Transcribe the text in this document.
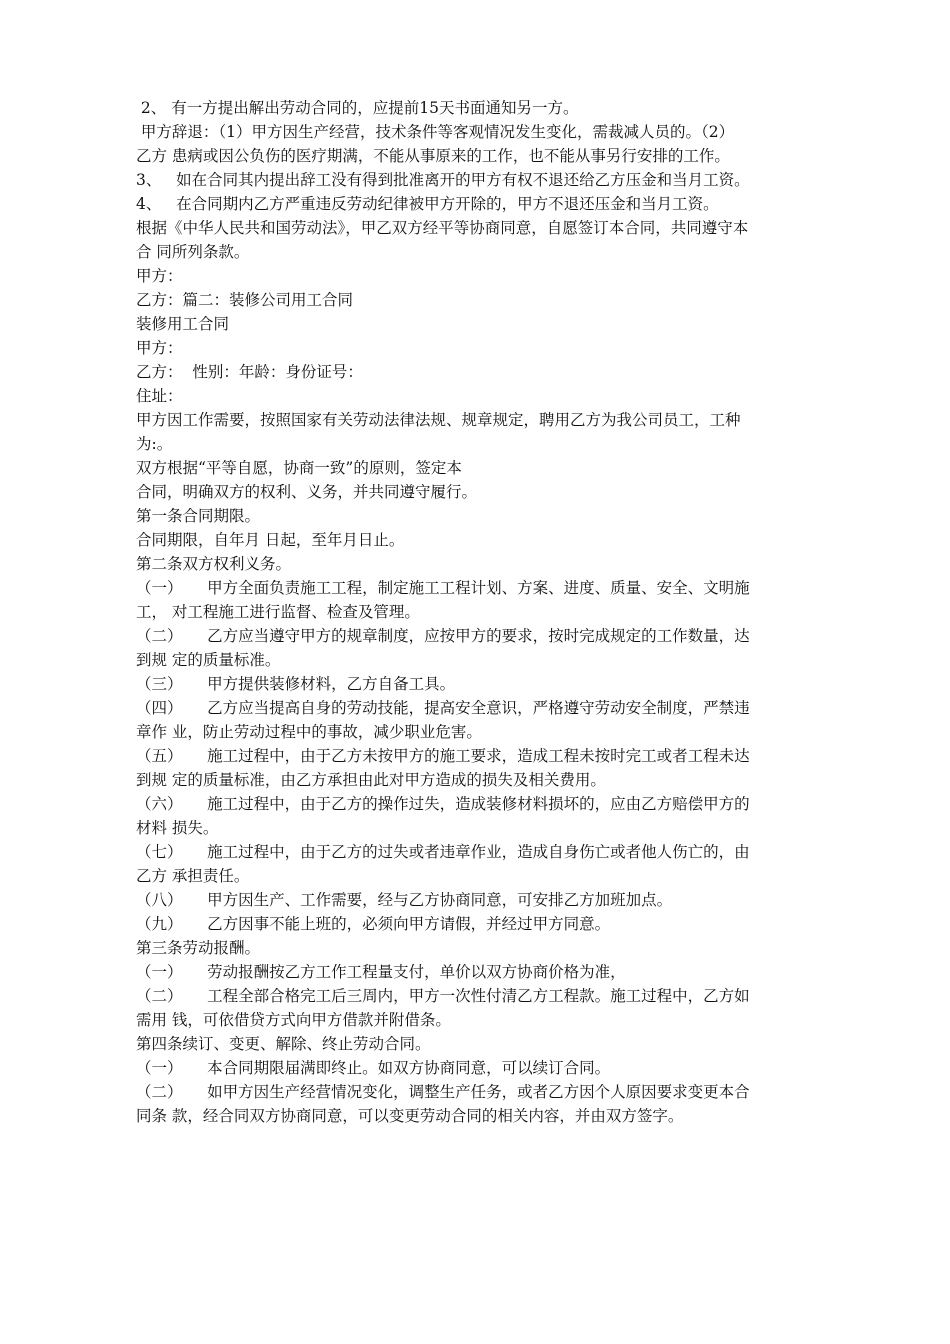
2、 有一方提出解出劳动合同的，应提前15天书面通知另一方。
甲方辞退：（1）甲方因生产经营，技术条件等客观情况发生变化，需裁减人员的。（2）
乙方 患病或因公负伤的医疗期满，不能从事原来的工作，也不能从事另行安排的工作。
3、   如在合同其内提出辞工没有得到批准离开的甲方有权不退还给乙方压金和当月工资。
4、   在合同期内乙方严重违反劳动纪律被甲方开除的，甲方不退还压金和当月工资。
根据《中华人民共和国劳动法》，甲乙双方经平等协商同意，自愿签订本合同，共同遵守本
合 同所列条款。
甲方：
乙方：篇二：装修公司用工合同
装修用工合同
甲方：
乙方：  性别：年龄：身份证号：
住址：
甲方因工作需要，按照国家有关劳动法律法规、规章规定，聘用乙方为我公司员工，工种
为:。
双方根据“平等自愿，协商一致”的原则，签定本
合同，明确双方的权利、义务，并共同遵守履行。
第一条合同期限。
合同期限，自年月 日起，至年月日止。
第二条双方权利义务。
（一）     甲方全面负责施工工程，制定施工工程计划、方案、进度、质量、安全、文明施
工， 对工程施工进行监督、检查及管理。
（二）     乙方应当遵守甲方的规章制度，应按甲方的要求，按时完成规定的工作数量，达
到规 定的质量标准。
（三）     甲方提供装修材料，乙方自备工具。
（四）     乙方应当提高自身的劳动技能，提高安全意识，严格遵守劳动安全制度，严禁违
章作 业，防止劳动过程中的事故，减少职业危害。
（五）     施工过程中，由于乙方未按甲方的施工要求，造成工程未按时完工或者工程未达
到规 定的质量标准，由乙方承担由此对甲方造成的损失及相关费用。
（六）     施工过程中，由于乙方的操作过失，造成装修材料损坏的，应由乙方赔偿甲方的
材料 损失。
（七）     施工过程中，由于乙方的过失或者违章作业，造成自身伤亡或者他人伤亡的，由
乙方 承担责任。
（八）     甲方因生产、工作需要，经与乙方协商同意，可安排乙方加班加点。
（九）     乙方因事不能上班的，必须向甲方请假，并经过甲方同意。
第三条劳动报酬。
（一）     劳动报酬按乙方工作工程量支付，单价以双方协商价格为准，
（二）     工程全部合格完工后三周内，甲方一次性付清乙方工程款。施工过程中，乙方如
需用 钱，可依借贷方式向甲方借款并附借条。
第四条续订、变更、解除、终止劳动合同。
（一）     本合同期限届满即终止。如双方协商同意，可以续订合同。
（二）     如甲方因生产经营情况变化，调整生产任务，或者乙方因个人原因要求变更本合
同条 款，经合同双方协商同意，可以变更劳动合同的相关内容，并由双方签字。
